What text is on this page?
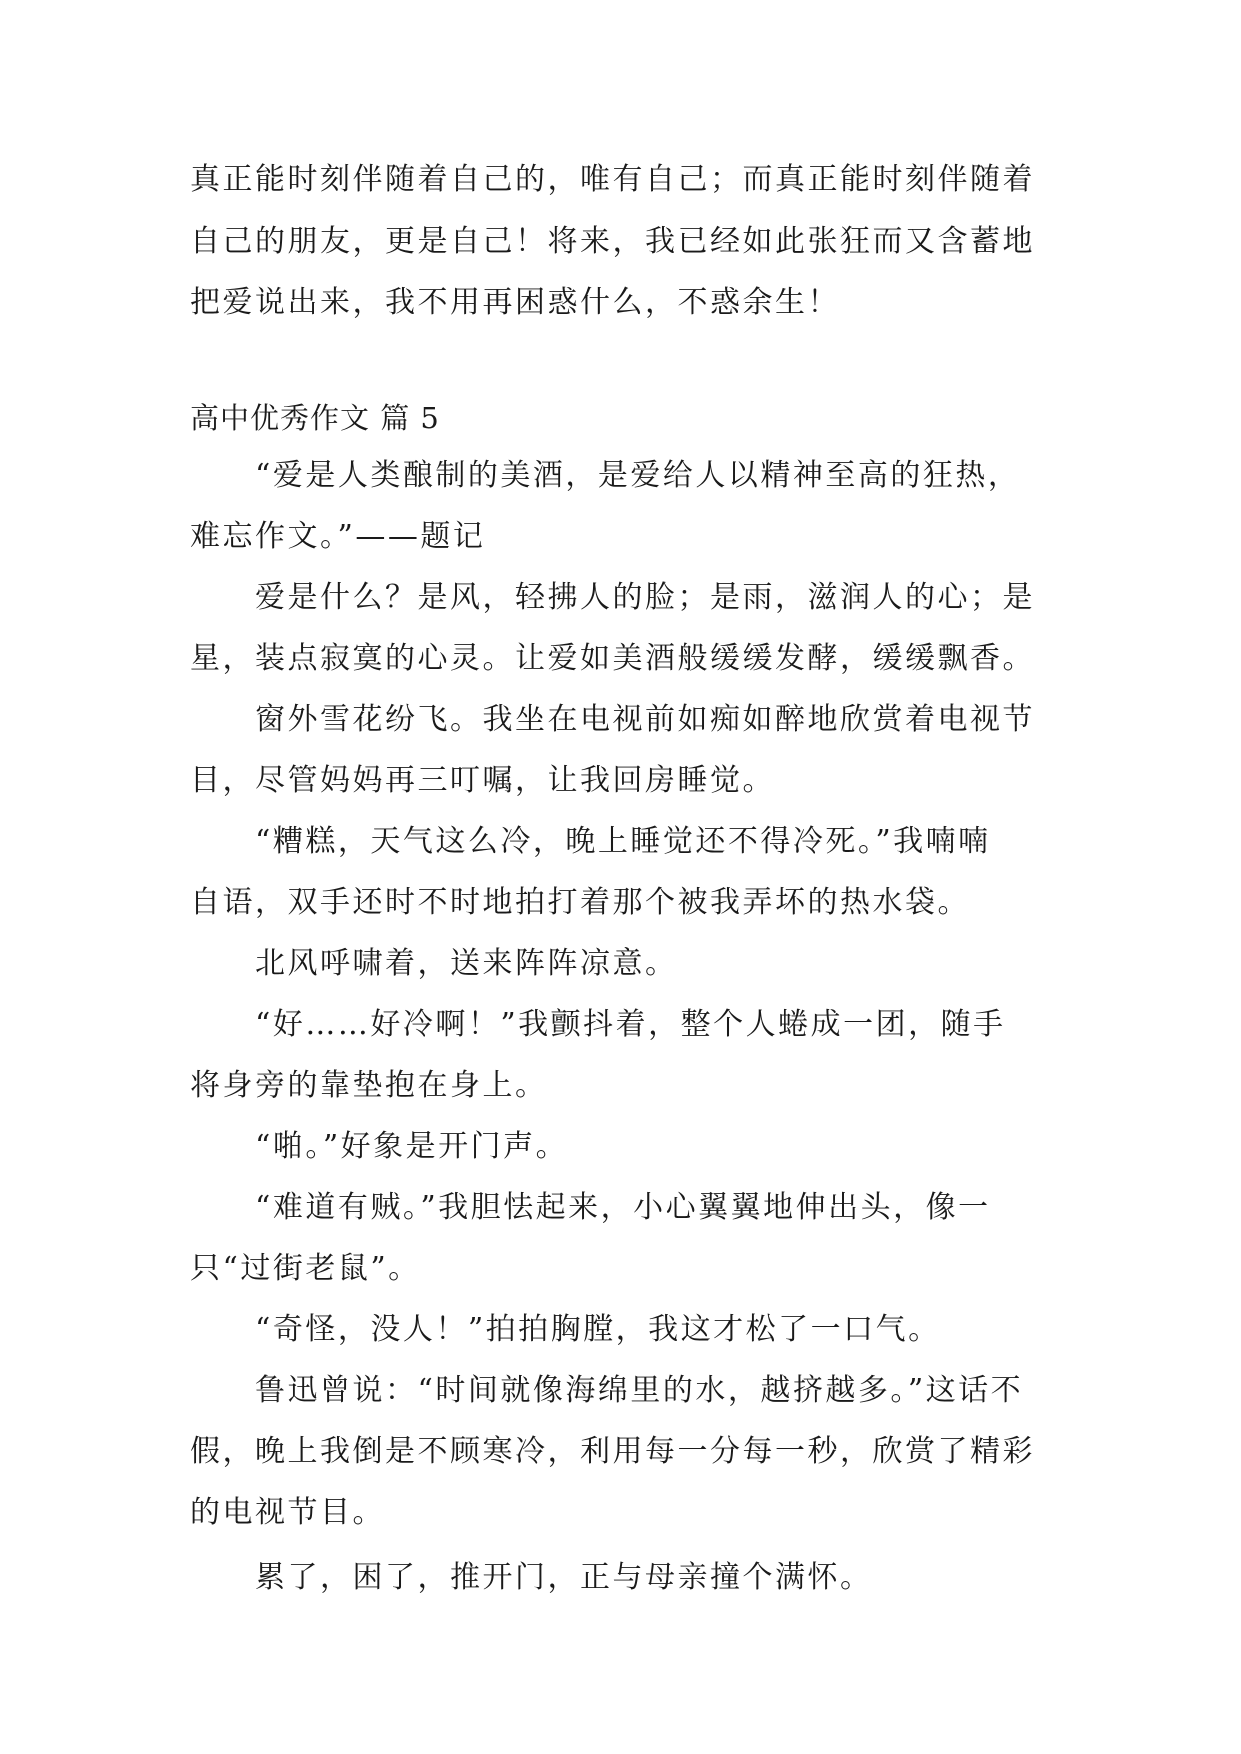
真正能时刻伴随着自己的，唯有自己；而真正能时刻伴随着
自己的朋友，更是自己！将来，我已经如此张狂而又含蓄地
把爱说出来，我不用再困惑什么，不惑余生！
高中优秀作文 篇 5
“爱是人类酿制的美酒，是爱给人以精神至高的狂热，
难忘作文。”——题记
爱是什么？是风，轻拂人的脸；是雨，滋润人的心；是
星，装点寂寞的心灵。让爱如美酒般缓缓发酵，缓缓飘香。
窗外雪花纷飞。我坐在电视前如痴如醉地欣赏着电视节
目，尽管妈妈再三叮嘱，让我回房睡觉。
“糟糕，天气这么冷，晚上睡觉还不得冷死。”我喃喃
自语，双手还时不时地拍打着那个被我弄坏的热水袋。
北风呼啸着，送来阵阵凉意。
“好……好冷啊！”我颤抖着，整个人蜷成一团，随手
将身旁的靠垫抱在身上。
“啪。”好象是开门声。
“难道有贼。”我胆怯起来，小心翼翼地伸出头，像一
只“过街老鼠”。
“奇怪，没人！”拍拍胸膛，我这才松了一口气。
鲁迅曾说：“时间就像海绵里的水，越挤越多。”这话不
假，晚上我倒是不顾寒冷，利用每一分每一秒，欣赏了精彩
的电视节目。
累了，困了，推开门，正与母亲撞个满怀。
